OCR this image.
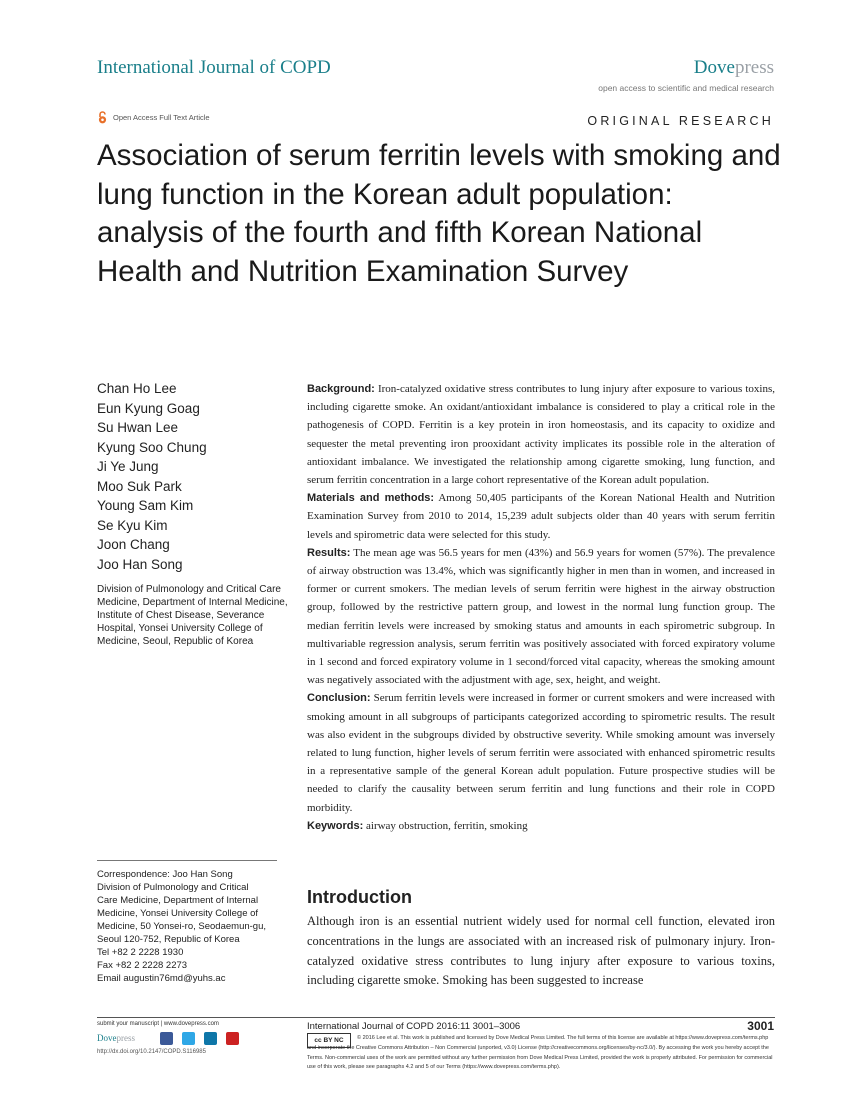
International Journal of COPD	Dovepress
open access to scientific and medical research
Open Access Full Text Article	ORIGINAL RESEARCH
Association of serum ferritin levels with smoking and lung function in the Korean adult population: analysis of the fourth and fifth Korean National Health and Nutrition Examination Survey
Chan Ho Lee
Eun Kyung Goag
Su Hwan Lee
Kyung Soo Chung
Ji Ye Jung
Moo Suk Park
Young Sam Kim
Se Kyu Kim
Joon Chang
Joo Han Song
Division of Pulmonology and Critical Care Medicine, Department of Internal Medicine, Institute of Chest Disease, Severance Hospital, Yonsei University College of Medicine, Seoul, Republic of Korea
Correspondence: Joo Han Song
Division of Pulmonology and Critical
Care Medicine, Department of Internal
Medicine, Yonsei University College of
Medicine, 50 Yonsei-ro, Seodaemun-gu,
Seoul 120-752, Republic of Korea
Tel +82 2 2228 1930
Fax +82 2 2228 2273
Email augustin76md@yuhs.ac

Background: Iron-catalyzed oxidative stress contributes to lung injury after exposure to various toxins, including cigarette smoke. An oxidant/antioxidant imbalance is considered to play a critical role in the pathogenesis of COPD. Ferritin is a key protein in iron homeostasis, and its capacity to oxidize and sequester the metal preventing iron prooxidant activity implicates its possible role in the alteration of antioxidant imbalance. We investigated the relationship among cigarette smoking, lung function, and serum ferritin concentration in a large cohort representative of the Korean adult population.

Materials and methods: Among 50,405 participants of the Korean National Health and Nutrition Examination Survey from 2010 to 2014, 15,239 adult subjects older than 40 years with serum ferritin levels and spirometric data were selected for this study.

Results: The mean age was 56.5 years for men (43%) and 56.9 years for women (57%). The prevalence of airway obstruction was 13.4%, which was significantly higher in men than in women, and increased in former or current smokers. The median levels of serum ferritin were highest in the airway obstruction group, followed by the restrictive pattern group, and lowest in the normal lung function group. The median ferritin levels were increased by smoking status and amounts in each spirometric subgroup. In multivariable regression analysis, serum ferritin was positively associated with forced expiratory volume in 1 second and forced expiratory volume in 1 second/forced vital capacity, whereas the smoking amount was negatively associated with the adjustment with age, sex, height, and weight.

Conclusion: Serum ferritin levels were increased in former or current smokers and were increased with smoking amount in all subgroups of participants categorized according to spirometric results. The result was also evident in the subgroups divided by obstructive severity. While smoking amount was inversely related to lung function, higher levels of serum ferritin were associated with enhanced spirometric results in a representative sample of the general Korean adult population. Future prospective studies will be needed to clarify the causality between serum ferritin and lung functions and their role in COPD morbidity.

Keywords: airway obstruction, ferritin, smoking

Introduction

Although iron is an essential nutrient widely used for normal cell function, elevated iron concentrations in the lungs are associated with an increased risk of pulmonary injury. Iron-catalyzed oxidative stress contributes to lung injury after exposure to various toxins, including cigarette smoke. Smoking has been suggested to increase

submit your manuscript | www.dovepress.com
Dovepress
http://dx.doi.org/10.2147/COPD.S116985
International Journal of COPD 2016:11 3001–3006	3001
cc BY NC	© 2016 Lee et al. This work is published and licensed by Dove Medical Press Limited. The full terms of this license are available at https://www.dovepress.com/terms.php and incorporate the Creative Commons Attribution – Non Commercial (unported, v3.0) License (http://creativecommons.org/licenses/by-nc/3.0/). By accessing the work you hereby accept the Terms. Non-commercial uses of the work are permitted without any further permission from Dove Medical Press Limited, provided the work is properly attributed. For permission for commercial use of this work, please see paragraphs 4.2 and 5 of our Terms (https://www.dovepress.com/terms.php).
